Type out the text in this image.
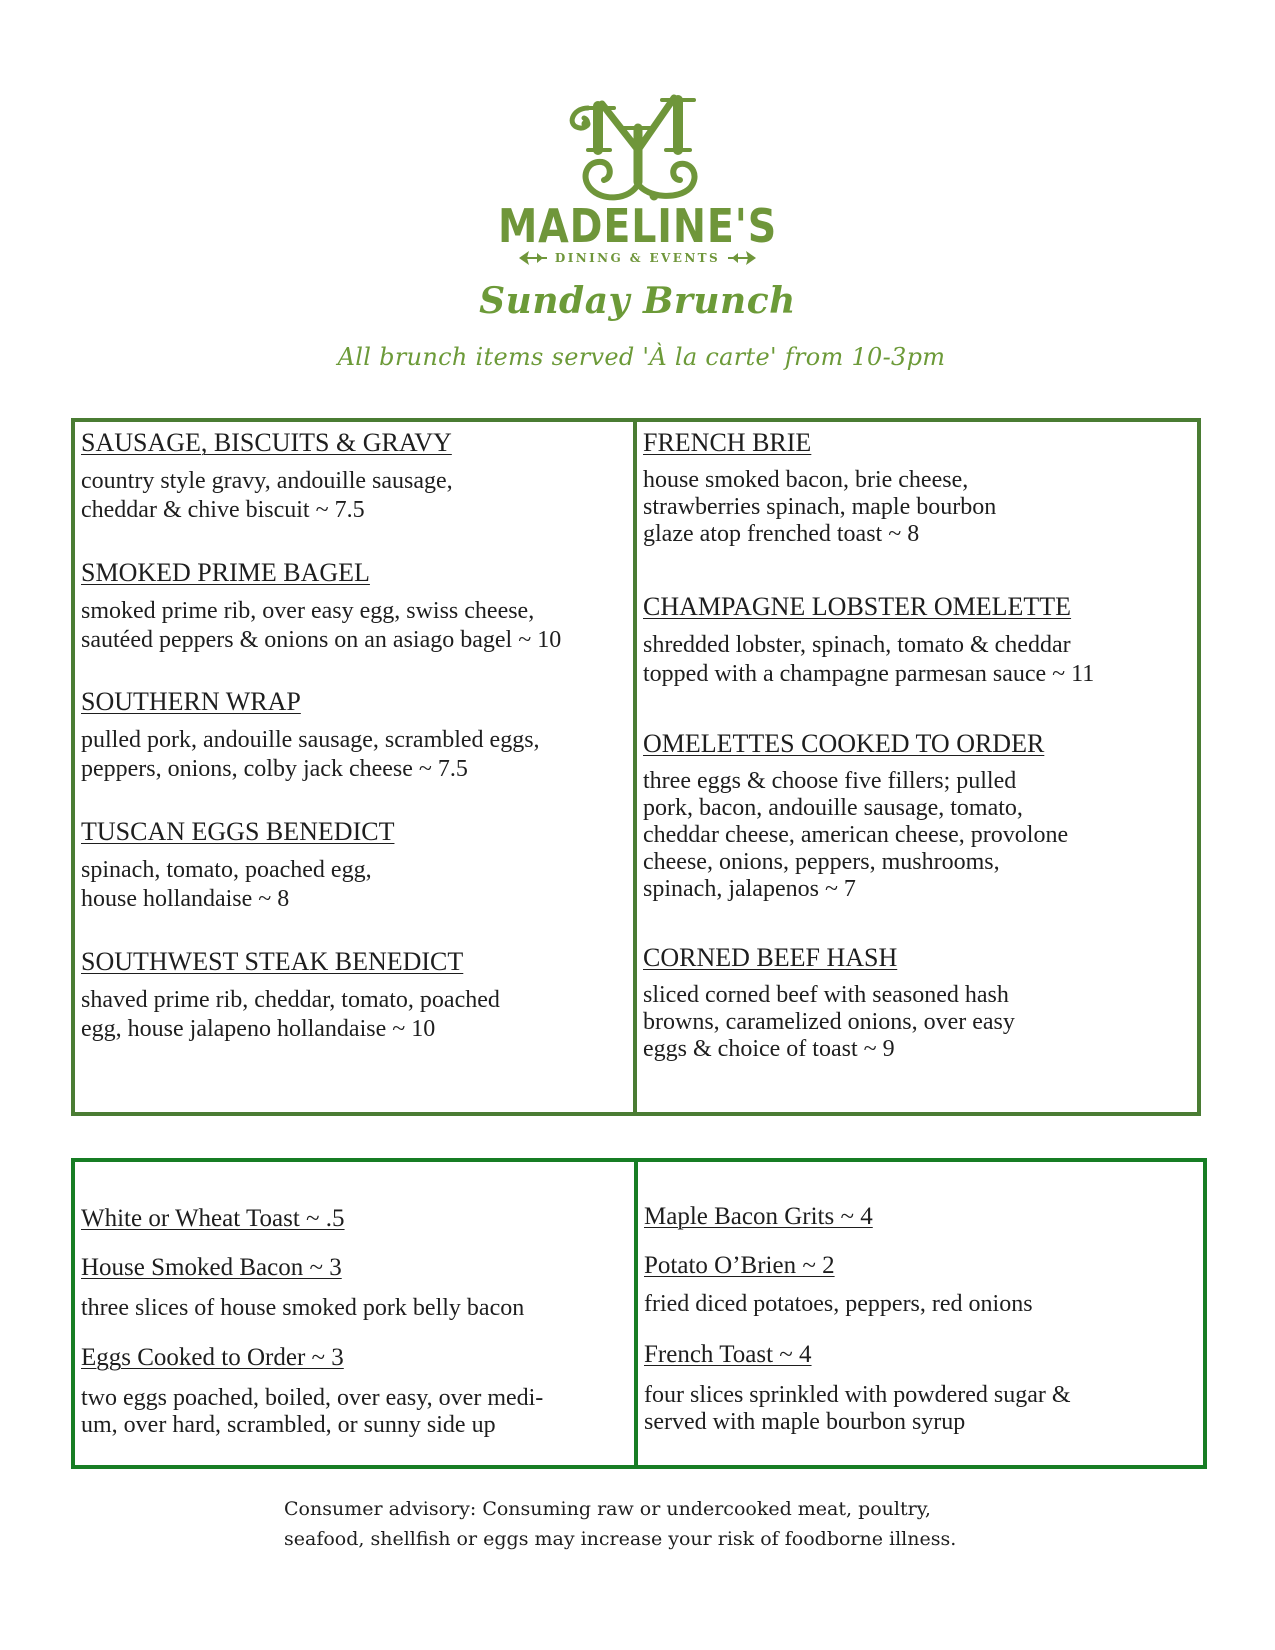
MADELINE'S
DINING & EVENTS
Sunday Brunch
All brunch items served 'À la carte' from 10-3pm
SAUSAGE, BISCUITS & GRAVY
country style gravy, andouille sausage,
cheddar & chive biscuit ~ 7.5
SMOKED PRIME BAGEL
smoked prime rib, over easy egg, swiss cheese,
sautéed peppers & onions on an asiago bagel ~ 10
SOUTHERN WRAP
pulled pork, andouille sausage, scrambled eggs,
peppers, onions, colby jack cheese ~ 7.5
TUSCAN EGGS BENEDICT
spinach, tomato, poached egg,
house hollandaise ~ 8
SOUTHWEST STEAK BENEDICT
shaved prime rib, cheddar, tomato, poached
egg, house jalapeno hollandaise ~ 10
FRENCH BRIE
house smoked bacon, brie cheese,
strawberries spinach, maple bourbon
glaze atop frenched toast ~ 8
CHAMPAGNE LOBSTER OMELETTE
shredded lobster, spinach, tomato & cheddar
topped with a champagne parmesan sauce ~ 11
OMELETTES COOKED TO ORDER
three eggs & choose five fillers; pulled
pork, bacon, andouille sausage, tomato,
cheddar cheese, american cheese, provolone
cheese, onions, peppers, mushrooms,
spinach, jalapenos ~ 7
CORNED BEEF HASH
sliced corned beef with seasoned hash
browns, caramelized onions, over easy
eggs & choice of toast ~ 9
White or Wheat Toast ~ .5
House Smoked Bacon ~ 3
three slices of house smoked pork belly bacon
Eggs Cooked to Order ~ 3
two eggs poached, boiled, over easy, over medi-
um, over hard, scrambled, or sunny side up
Maple Bacon Grits ~ 4
Potato O’Brien ~ 2
fried diced potatoes, peppers, red onions
French Toast ~ 4
four slices sprinkled with powdered sugar &
served with maple bourbon syrup
Consumer advisory: Consuming raw or undercooked meat, poultry,
seafood, shellfish or eggs may increase your risk of foodborne illness.
